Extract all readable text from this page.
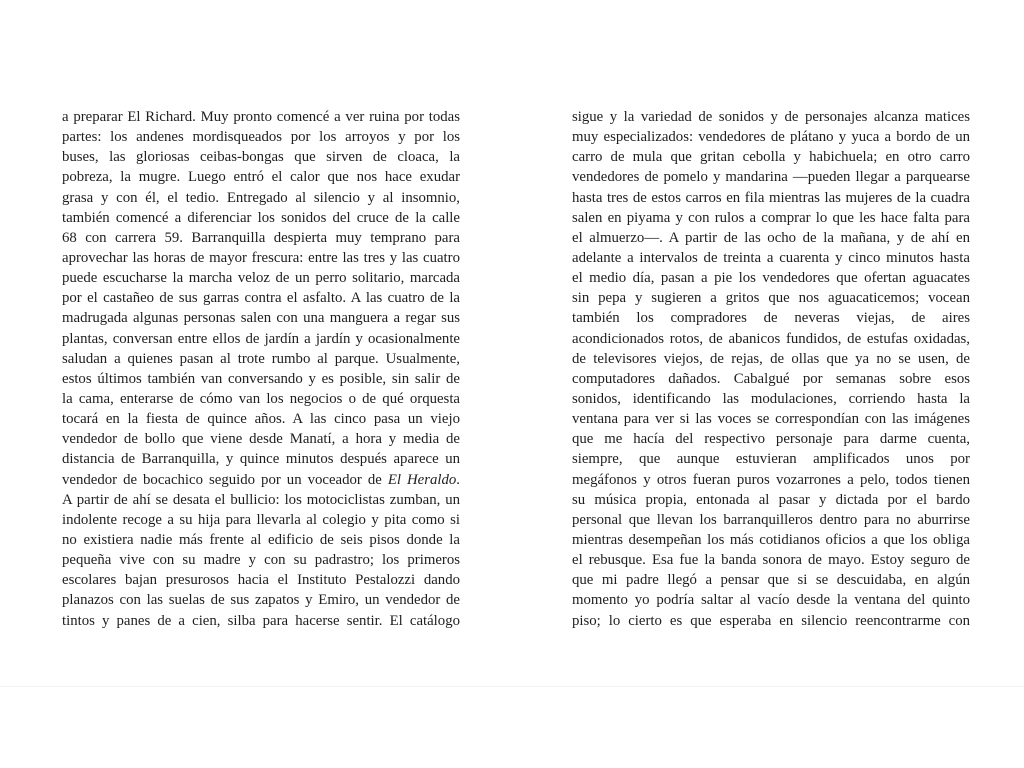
a preparar El Richard. Muy pronto comencé a ver ruina por todas
partes: los andenes mordisqueados por los arroyos y por los
buses, las gloriosas ceibas-bongas que sirven de cloaca, la
pobreza, la mugre. Luego entró el calor que nos hace exudar
grasa y con él, el tedio. Entregado al silencio y al insomnio,
también comencé a diferenciar los sonidos del cruce de la calle
68 con carrera 59. Barranquilla despierta muy temprano para
aprovechar las horas de mayor frescura: entre las tres y las cuatro
puede escucharse la marcha veloz de un perro solitario, marcada
por el castañeo de sus garras contra el asfalto. A las cuatro de la
madrugada algunas personas salen con una manguera a regar sus
plantas, conversan entre ellos de jardín a jardín y ocasionalmente
saludan a quienes pasan al trote rumbo al parque. Usualmente,
estos últimos también van conversando y es posible, sin salir de
la cama, enterarse de cómo van los negocios o de qué orquesta
tocará en la fiesta de quince años. A las cinco pasa un viejo
vendedor de bollo que viene desde Manatí, a hora y media de
distancia de Barranquilla, y quince minutos después aparece un
vendedor de bocachico seguido por un voceador de El Heraldo.
A partir de ahí se desata el bullicio: los motociclistas zumban, un
indolente recoge a su hija para llevarla al colegio y pita como si
no existiera nadie más frente al edificio de seis pisos donde la
pequeña vive con su madre y con su padrastro; los primeros
escolares bajan presurosos hacia el Instituto Pestalozzi dando
planazos con las suelas de sus zapatos y Emiro, un vendedor de
tintos y panes de a cien, silba para hacerse sentir. El catálogo
sigue y la variedad de sonidos y de personajes alcanza matices
muy especializados: vendedores de plátano y yuca a bordo de un
carro de mula que gritan cebolla y habichuela; en otro carro
vendedores de pomelo y mandarina —pueden llegar a parquearse
hasta tres de estos carros en fila mientras las mujeres de la cuadra
salen en piyama y con rulos a comprar lo que les hace falta para
el almuerzo—. A partir de las ocho de la mañana, y de ahí en
adelante a intervalos de treinta a cuarenta y cinco minutos hasta
el medio día, pasan a pie los vendedores que ofertan aguacates
sin pepa y sugieren a gritos que nos aguacaticemos; vocean
también los compradores de neveras viejas, de aires
acondicionados rotos, de abanicos fundidos, de estufas oxidadas,
de televisores viejos, de rejas, de ollas que ya no se usen, de
computadores dañados. Cabalgué por semanas sobre esos
sonidos, identificando las modulaciones, corriendo hasta la
ventana para ver si las voces se correspondían con las imágenes
que me hacía del respectivo personaje para darme cuenta,
siempre, que aunque estuvieran amplificados unos por
megáfonos y otros fueran puros vozarrones a pelo, todos tienen
su música propia, entonada al pasar y dictada por el bardo
personal que llevan los barranquilleros dentro para no aburrirse
mientras desempeñan los más cotidianos oficios a que los obliga
el rebusque. Esa fue la banda sonora de mayo. Estoy seguro de
que mi padre llegó a pensar que si se descuidaba, en algún
momento yo podría saltar al vacío desde la ventana del quinto
piso; lo cierto es que esperaba en silencio reencontrarme con
